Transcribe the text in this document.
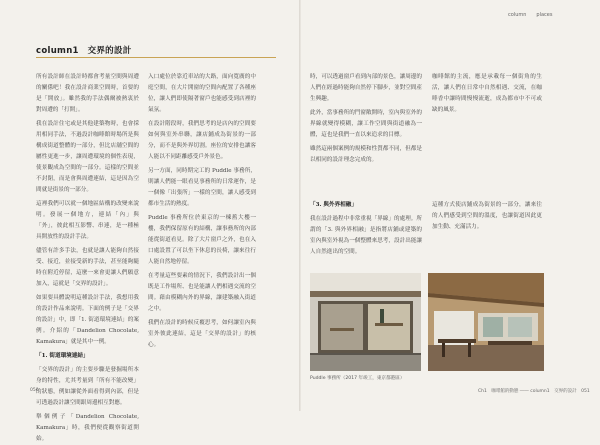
column places
column1　交界的設計

所有設計師在設計時都會考量空間與周遭的關係吧！我在設計商業空間時，首要的是「開放」。雖然我的手法偶爾被熱衷於對周遭的「打開」。

我在設計住宅或是其他建築物時，也會採用相同手法，不過設計咖啡館時場所是與構成街道整體的一部分，但比店舖空間的屬性更進一步，讓周遭環境的個性表現，使景觀成為空間的一部分。這樣的空間並不封閉，而是會與周遭連結，這是因為空間就是街景的一部分。

這裡我們可以就一個地區結構的改變來說明。發展一個地方，連結「內」與「外」，彼此相互影響、串連，是一種極具開放性的設計手法。

儘管有許多手法，也就是讓人能夠自然接受、接近，並接受新的手法，甚至能夠隨時在附近停留，這麼一來會更讓人們願意加入，這就是「交界的設計」。

如果要具體說明這種設計手法，我想用我的設計作品來說明。下面的例子是「交界的設計」中，即「1. 街道環境連結」的案例。介紹的「Dandelion Chocolate, Kamakura」就是其中一例。

「1. 街道環境連結」

「交界的設計」的主要步驟是發掘場所本身的特性，尤其考量到「所有不能改變」的狀態，例如讓從外面看得到內部，但是可透過設計讓空間跟周邊相互對應。

舉個例子「Dandelion Chocolate, Kamakura」時，我們便從觀察街道開始。

入口處位於靠近車站的大路，面向寬廣的中庭空間，在大片開窗的空間內配置了各種座位，讓人們即使隔著窗戶也能感受到店裡的氣氛。

在設計階段時，我們思考的是店內的空間要如何與室外串聯，讓店鋪成為街景的一部分，而不是與外界切割。座位的安排也讓客人能以不同距離感受戶外景色。

另一方面，同時期完工的 Puddle 事務所，則讓人們能一眼看見事務所的日常運作，是一個像「出張所」一樣的空間，讓人感受到都市生活的熱度。

Puddle 事務所位於東京的一棟舊大樓一樓，我們保留原有的結構，讓事務所的內部能從街道看見。除了大片窗戶之外，也在入口處設置了可以坐下休息的長椅，讓來往行人能自然地停留。

在考量這些要素的情況下，我們設計出一個既是工作場所、也是能讓人們相遇交流的空間。藉由模糊內外的界線，讓建築融入街道之中。

我們在設計的時候反覆思考，如何讓室內與室外彼此連結，這是「交界的設計」的核心。

時，可以透過窗戶看到內部的景色，讓周邊的人們在經過時能夠自然停下腳步，並對空間產生興趣。

此外，當事務所的門窗敞開時，室內與室外的界線就變得模糊，讓工作空間與街道融為一體，這也是我們一直以來追求的目標。

雖然這兩個案例的規模和性質都不同，但都是以相同的設計理念完成的。

咖啡館的主流，應是承載每一個街角的生活，讓人們在日常中自然相遇、交流，在咖啡香中讓時間慢慢流逝，成為都市中不可或缺的風景。

「3. 與外界相融」

我在設計過程中非常重視「界線」的處理。所謂的「3. 與外界相融」是指將店鋪或建築的室內與室外視為一個整體來思考，設計出能讓人自然進出的空間。

這種方式使店鋪成為街景的一部分，讓來往的人們感受到空間的溫度，也讓街道因此更加生動、充滿活力。

Puddle 事務所（2017 年竣工，東京都港區）
050	Ch1　咖啡館的動態 ―― column1　交界的設計　051
